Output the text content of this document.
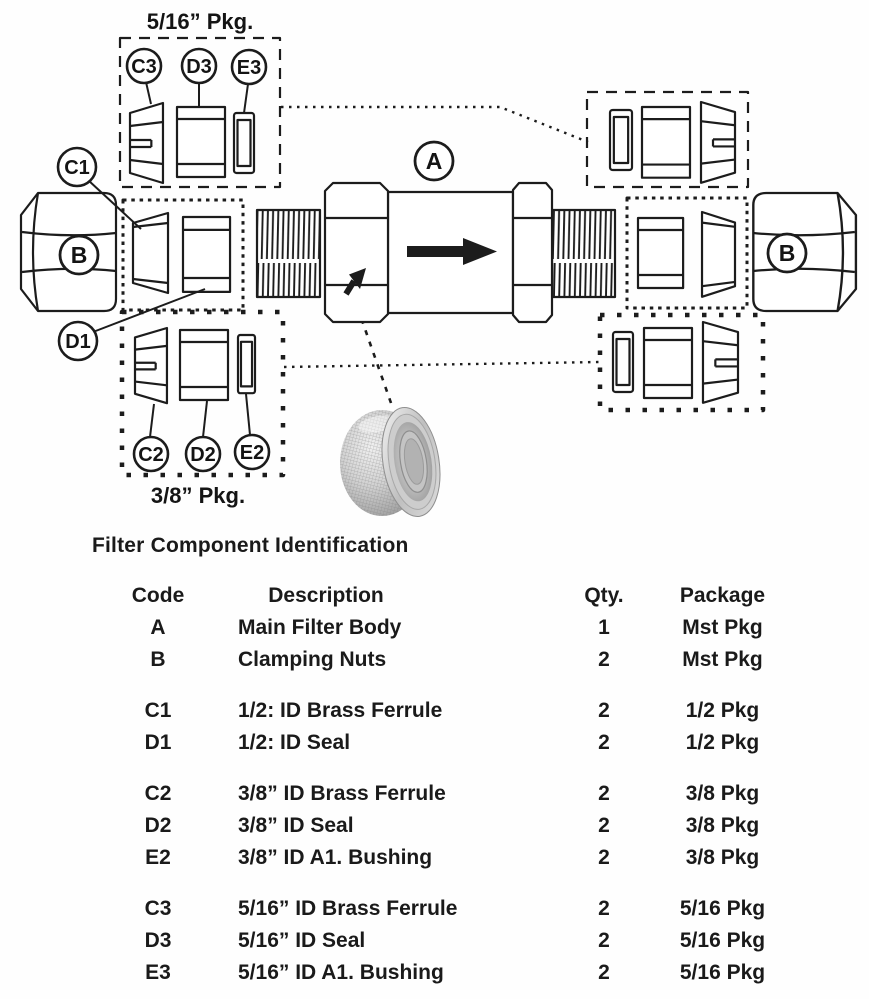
5/16” Pkg.
3/8” Pkg.
C3 D3 E3
C1
D1
C2 D2 E2
A
B	B
Filter Component Identification
Code	Description	Qty.	Package
A	Main Filter Body	1	Mst Pkg
B	Clamping Nuts	2	Mst Pkg
C1	1/2: ID Brass Ferrule	2	1/2 Pkg
D1	1/2: ID Seal	2	1/2 Pkg
C2	3/8” ID Brass Ferrule	2	3/8 Pkg
D2	3/8” ID Seal	2	3/8 Pkg
E2	3/8” ID A1. Bushing	2	3/8 Pkg
C3	5/16” ID Brass Ferrule	2	5/16 Pkg
D3	5/16” ID Seal	2	5/16 Pkg
E3	5/16” ID A1. Bushing	2	5/16 Pkg
